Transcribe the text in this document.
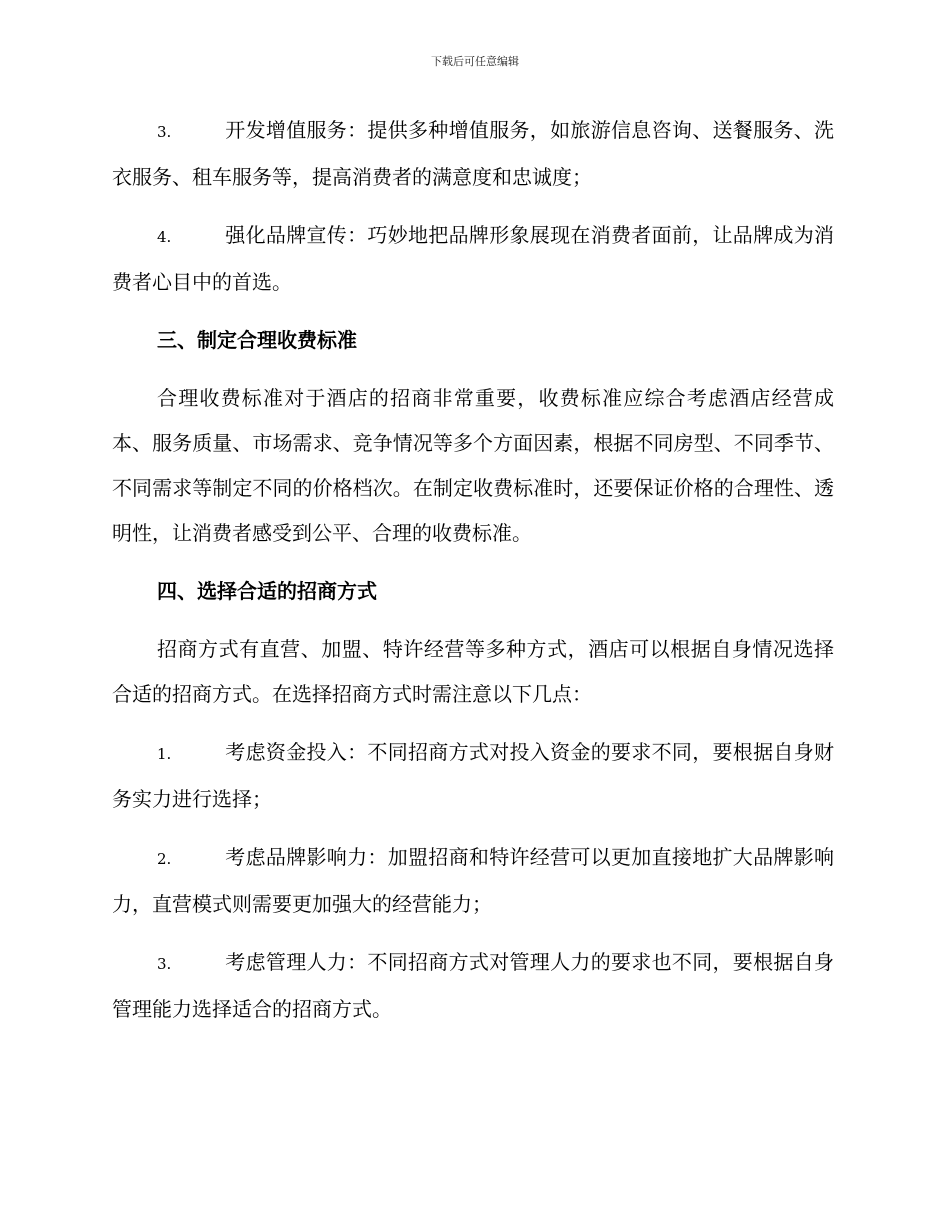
下载后可任意编辑
3.	开发增值服务：提供多种增值服务，如旅游信息咨询、送餐服务、洗衣服务、租车服务等，提高消费者的满意度和忠诚度；
4.	强化品牌宣传：巧妙地把品牌形象展现在消费者面前，让品牌成为消费者心目中的首选。
三、制定合理收费标准
合理收费标准对于酒店的招商非常重要，收费标准应综合考虑酒店经营成本、服务质量、市场需求、竞争情况等多个方面因素，根据不同房型、不同季节、不同需求等制定不同的价格档次。在制定收费标准时，还要保证价格的合理性、透明性，让消费者感受到公平、合理的收费标准。
四、选择合适的招商方式
招商方式有直营、加盟、特许经营等多种方式，酒店可以根据自身情况选择合适的招商方式。在选择招商方式时需注意以下几点：
1.	考虑资金投入：不同招商方式对投入资金的要求不同，要根据自身财务实力进行选择；
2.	考虑品牌影响力：加盟招商和特许经营可以更加直接地扩大品牌影响力，直营模式则需要更加强大的经营能力；
3.	考虑管理人力：不同招商方式对管理人力的要求也不同，要根据自身管理能力选择适合的招商方式。
